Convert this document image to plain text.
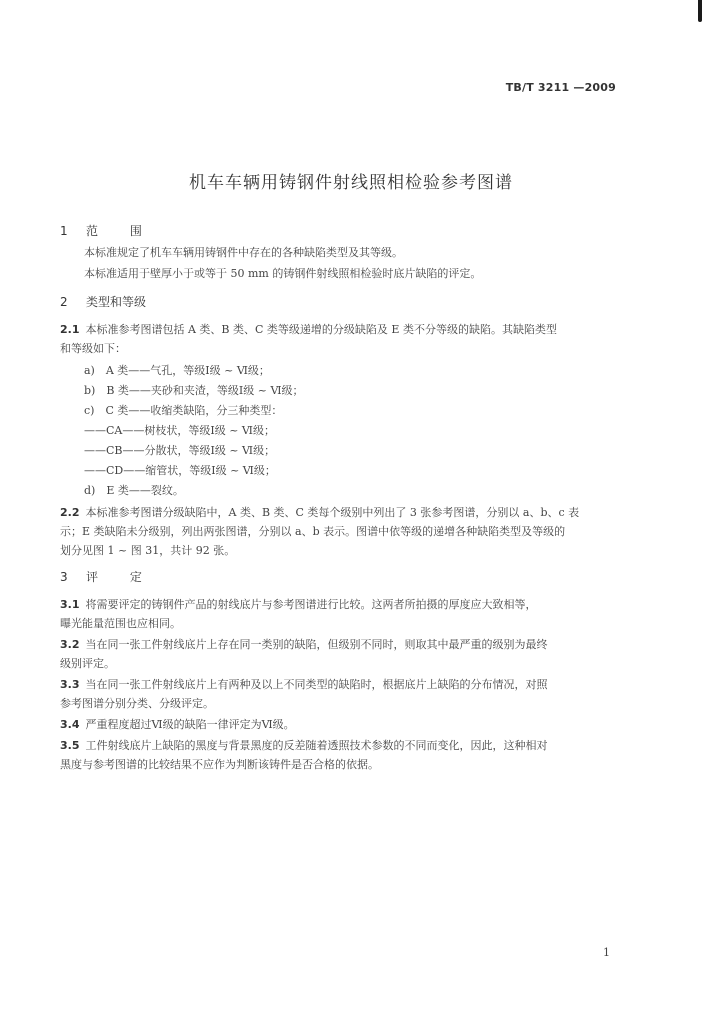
TB/T 3211 —2009
机车车辆用铸钢件射线照相检验参考图谱
1 范 围
本标准规定了机车车辆用铸钢件中存在的各种缺陷类型及其等级。
本标准适用于壁厚小于或等于 50 mm 的铸钢件射线照相检验时底片缺陷的评定。
2 类型和等级
2.1 本标准参考图谱包括 A 类、B 类、C 类等级递增的分级缺陷及 E 类不分等级的缺陷。其缺陷类型
和等级如下：
a)　A 类——气孔，等级Ⅰ级 ~ Ⅵ级；
b)　B 类——夹砂和夹渣，等级Ⅰ级 ~ Ⅵ级；
c)　C 类——收缩类缺陷，分三种类型：
——CA——树枝状，等级Ⅰ级 ~ Ⅵ级；
——CB——分散状，等级Ⅰ级 ~ Ⅵ级；
——CD——缩管状，等级Ⅰ级 ~ Ⅵ级；
d)　E 类——裂纹。
2.2 本标准参考图谱分级缺陷中，A 类、B 类、C 类每个级别中列出了 3 张参考图谱，分别以 a、b、c 表
示；E 类缺陷未分级别，列出两张图谱，分别以 a、b 表示。图谱中依等级的递增各种缺陷类型及等级的
划分见图 1 ~ 图 31，共计 92 张。
3 评 定
3.1 将需要评定的铸钢件产品的射线底片与参考图谱进行比较。这两者所拍摄的厚度应大致相等，
曝光能量范围也应相同。
3.2 当在同一张工件射线底片上存在同一类别的缺陷，但级别不同时，则取其中最严重的级别为最终
级别评定。
3.3 当在同一张工件射线底片上有两种及以上不同类型的缺陷时，根据底片上缺陷的分布情况，对照
参考图谱分别分类、分级评定。
3.4 严重程度超过Ⅵ级的缺陷一律评定为Ⅵ级。
3.5 工件射线底片上缺陷的黑度与背景黑度的反差随着透照技术参数的不同而变化，因此，这种相对
黑度与参考图谱的比较结果不应作为判断该铸件是否合格的依据。
1
